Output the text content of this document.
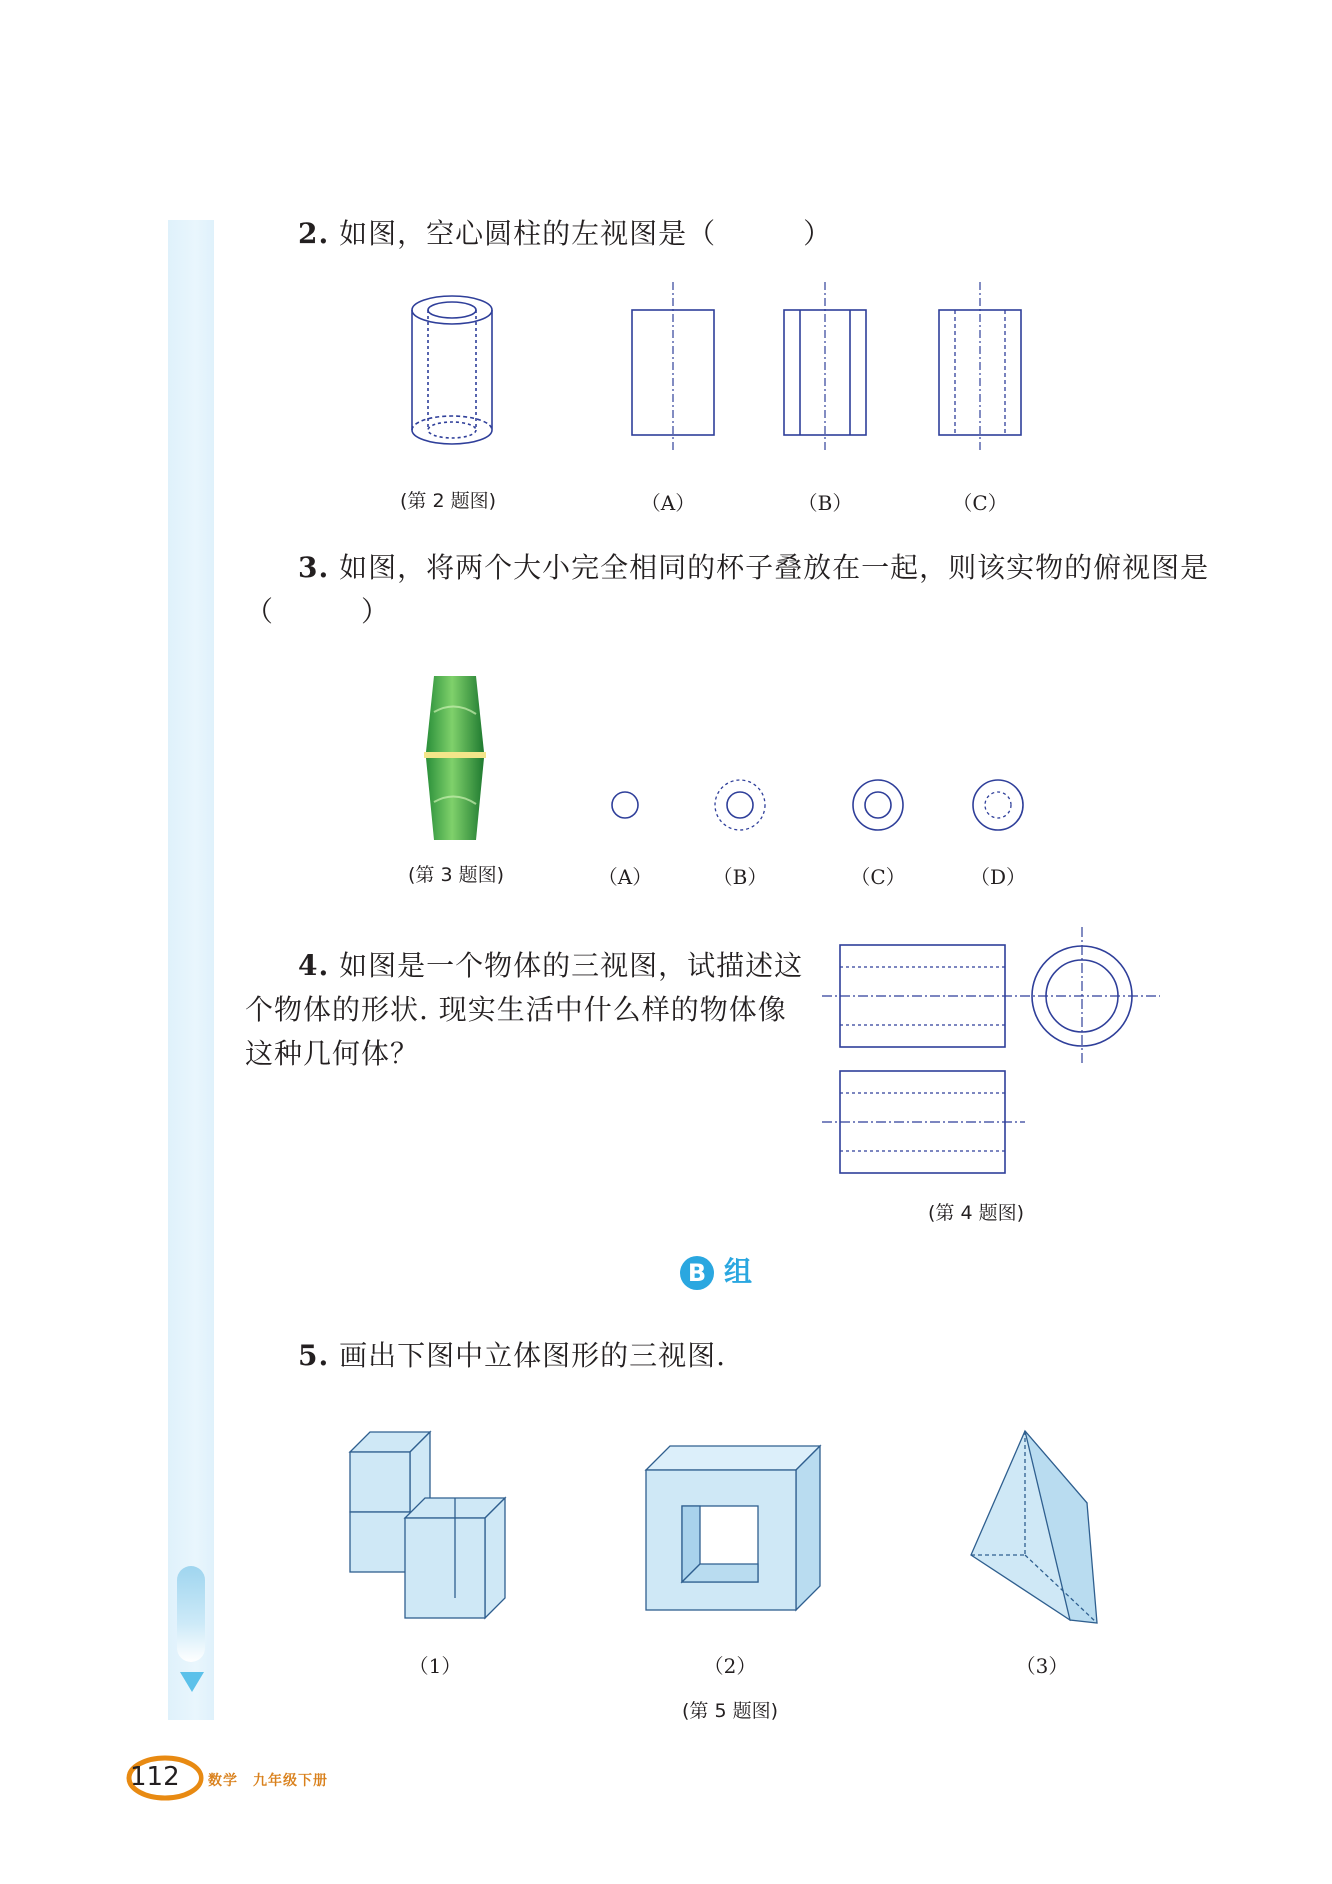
2. 如图，空心圆柱的左视图是（　　　）
(第 2 题图)	（A）	（B）	（C）
3. 如图，将两个大小完全相同的杯子叠放在一起，则该实物的俯视图是
（　　　）
(第 3 题图)	（A）	（B）	（C）	（D）
4. 如图是一个物体的三视图，试描述这
个物体的形状. 现实生活中什么样的物体像
这种几何体？
(第 4 题图)
B 组
5. 画出下图中立体图形的三视图.
（1）	（2）	（3）
(第 5 题图)
112 数学　九年级下册
